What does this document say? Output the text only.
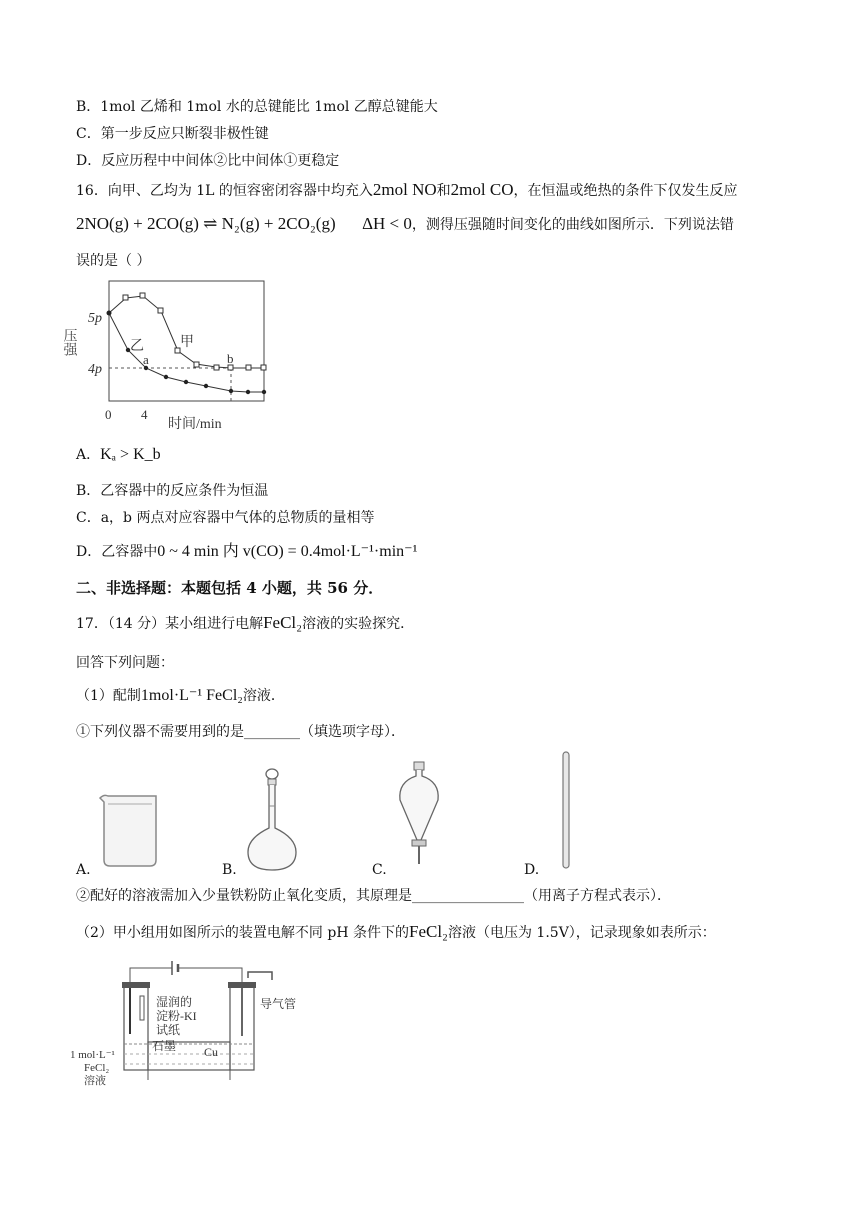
B．1mol 乙烯和 1mol 水的总键能比 1mol 乙醇总键能大
C．第一步反应只断裂非极性键
D．反应历程中中间体②比中间体①更稳定
16．向甲、乙均为 1L 的恒容密闭容器中均充入2mol NO和2mol CO，在恒温或绝热的条件下仅发生反应
2NO(g) + 2CO(g) ⇌ N₂(g) + 2CO₂(g) ΔH < 0，测得压强随时间变化的曲线如图所示．下列说法错
误的是（ ）
5p
4p
压强
0 4
时间/min
乙	甲
a	b
A．Kₐ > K_b
B．乙容器中的反应条件为恒温
C．a，b 两点对应容器中气体的总物质的量相等
D．乙容器中0 ~ 4 min 内 v(CO) = 0.4mol·L⁻¹·min⁻¹
二、非选择题：本题包括 4 小题，共 56 分．
17．（14 分）某小组进行电解FeCl₂溶液的实验探究．
回答下列问题：
（1）配制1mol·L⁻¹ FeCl₂溶液．
①下列仪器不需要用到的是________（填选项字母）．
A.	B.	C.	D.
②配好的溶液需加入少量铁粉防止氧化变质，其原理是________________（用离子方程式表示）．
（2）甲小组用如图所示的装置电解不同 pH 条件下的FeCl₂溶液（电压为 1.5V），记录现象如表所示：
湿润的
淀粉-KI
试纸
导气管
石墨 Cu
1 mol·L⁻¹
FeCl₂
溶液
